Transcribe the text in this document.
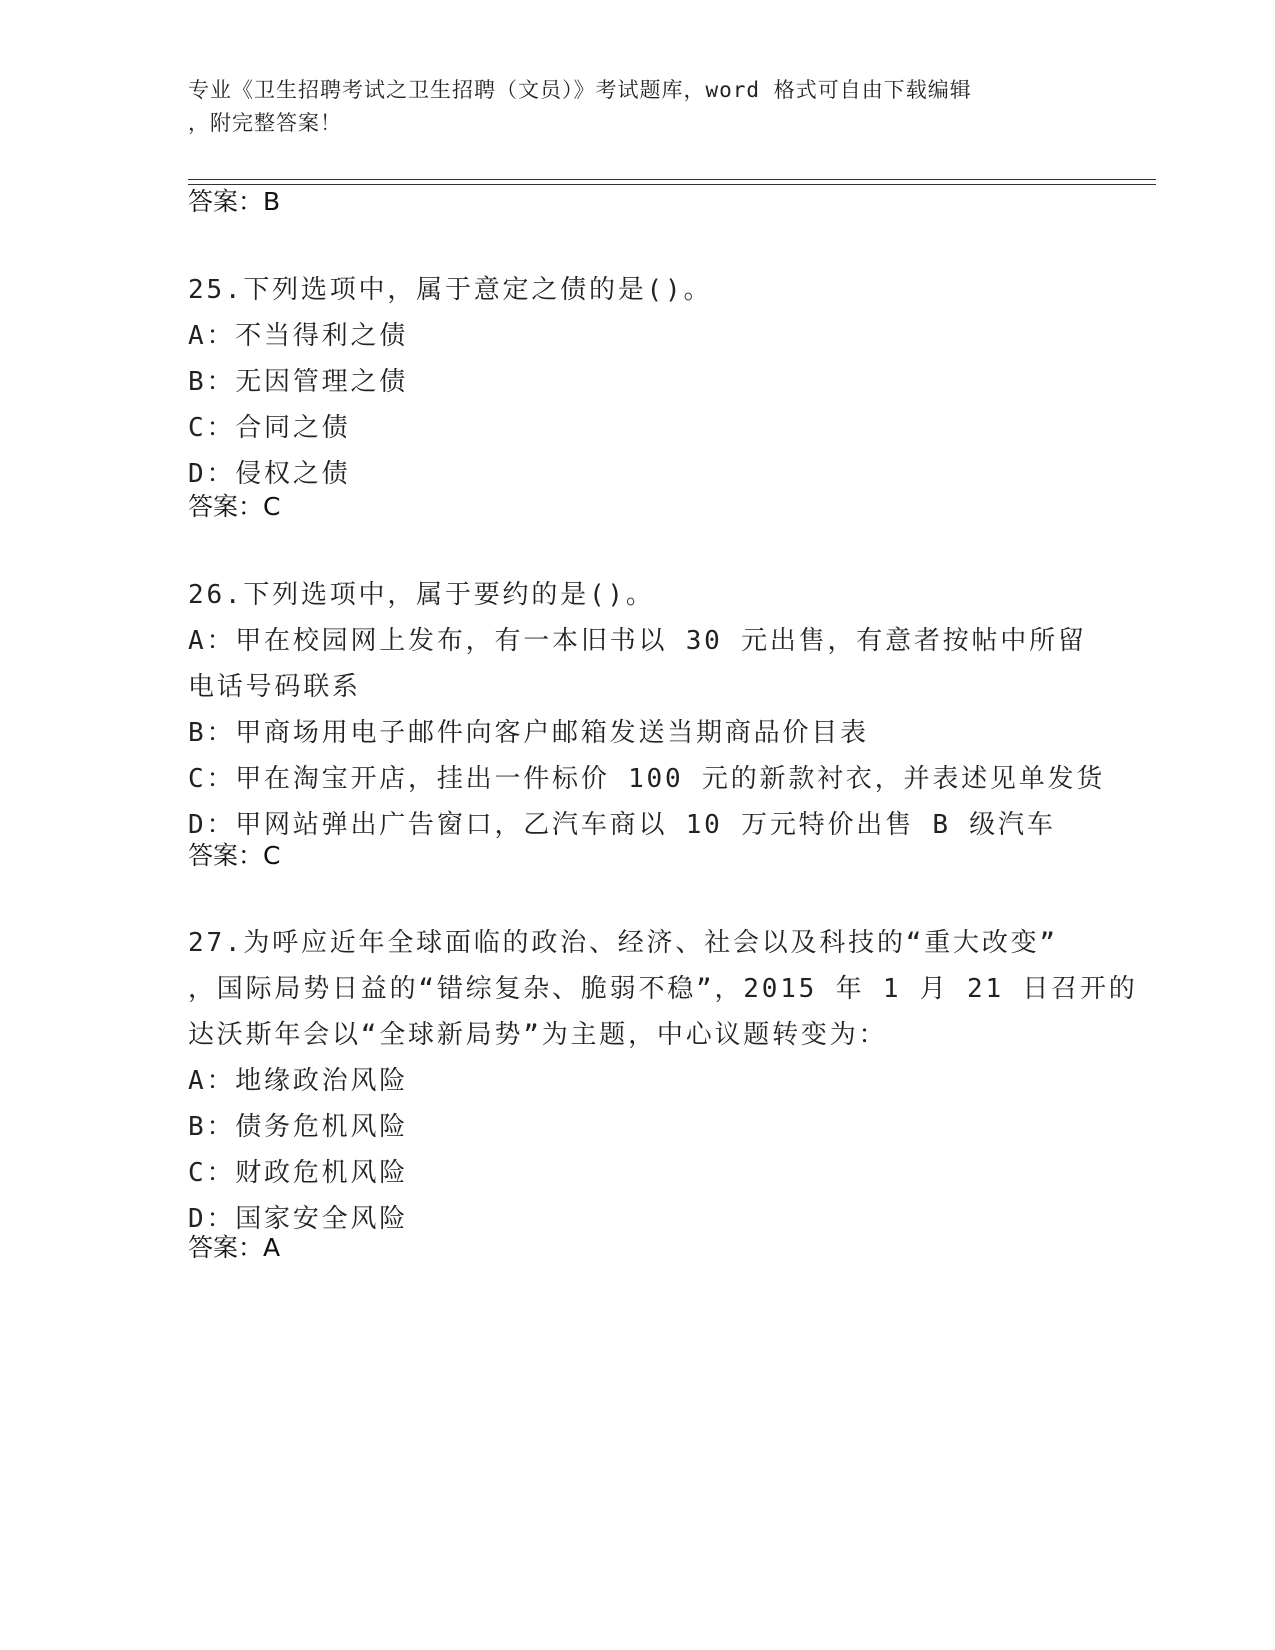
专业《卫生招聘考试之卫生招聘（文员）》考试题库，word 格式可自由下载编辑
，附完整答案！
答案：B
25.下列选项中，属于意定之债的是()。
A：不当得利之债
B：无因管理之债
C：合同之债
D：侵权之债
答案：C
26.下列选项中，属于要约的是()。
A：甲在校园网上发布，有一本旧书以 30 元出售，有意者按帖中所留
电话号码联系
B：甲商场用电子邮件向客户邮箱发送当期商品价目表
C：甲在淘宝开店，挂出一件标价 100 元的新款衬衣，并表述见单发货
D：甲网站弹出广告窗口，乙汽车商以 10 万元特价出售 B 级汽车
答案：C
27.为呼应近年全球面临的政治、经济、社会以及科技的“重大改变”
，国际局势日益的“错综复杂、脆弱不稳”，2015 年 1 月 21 日召开的
达沃斯年会以“全球新局势”为主题，中心议题转变为：
A：地缘政治风险
B：债务危机风险
C：财政危机风险
D：国家安全风险
答案：A
